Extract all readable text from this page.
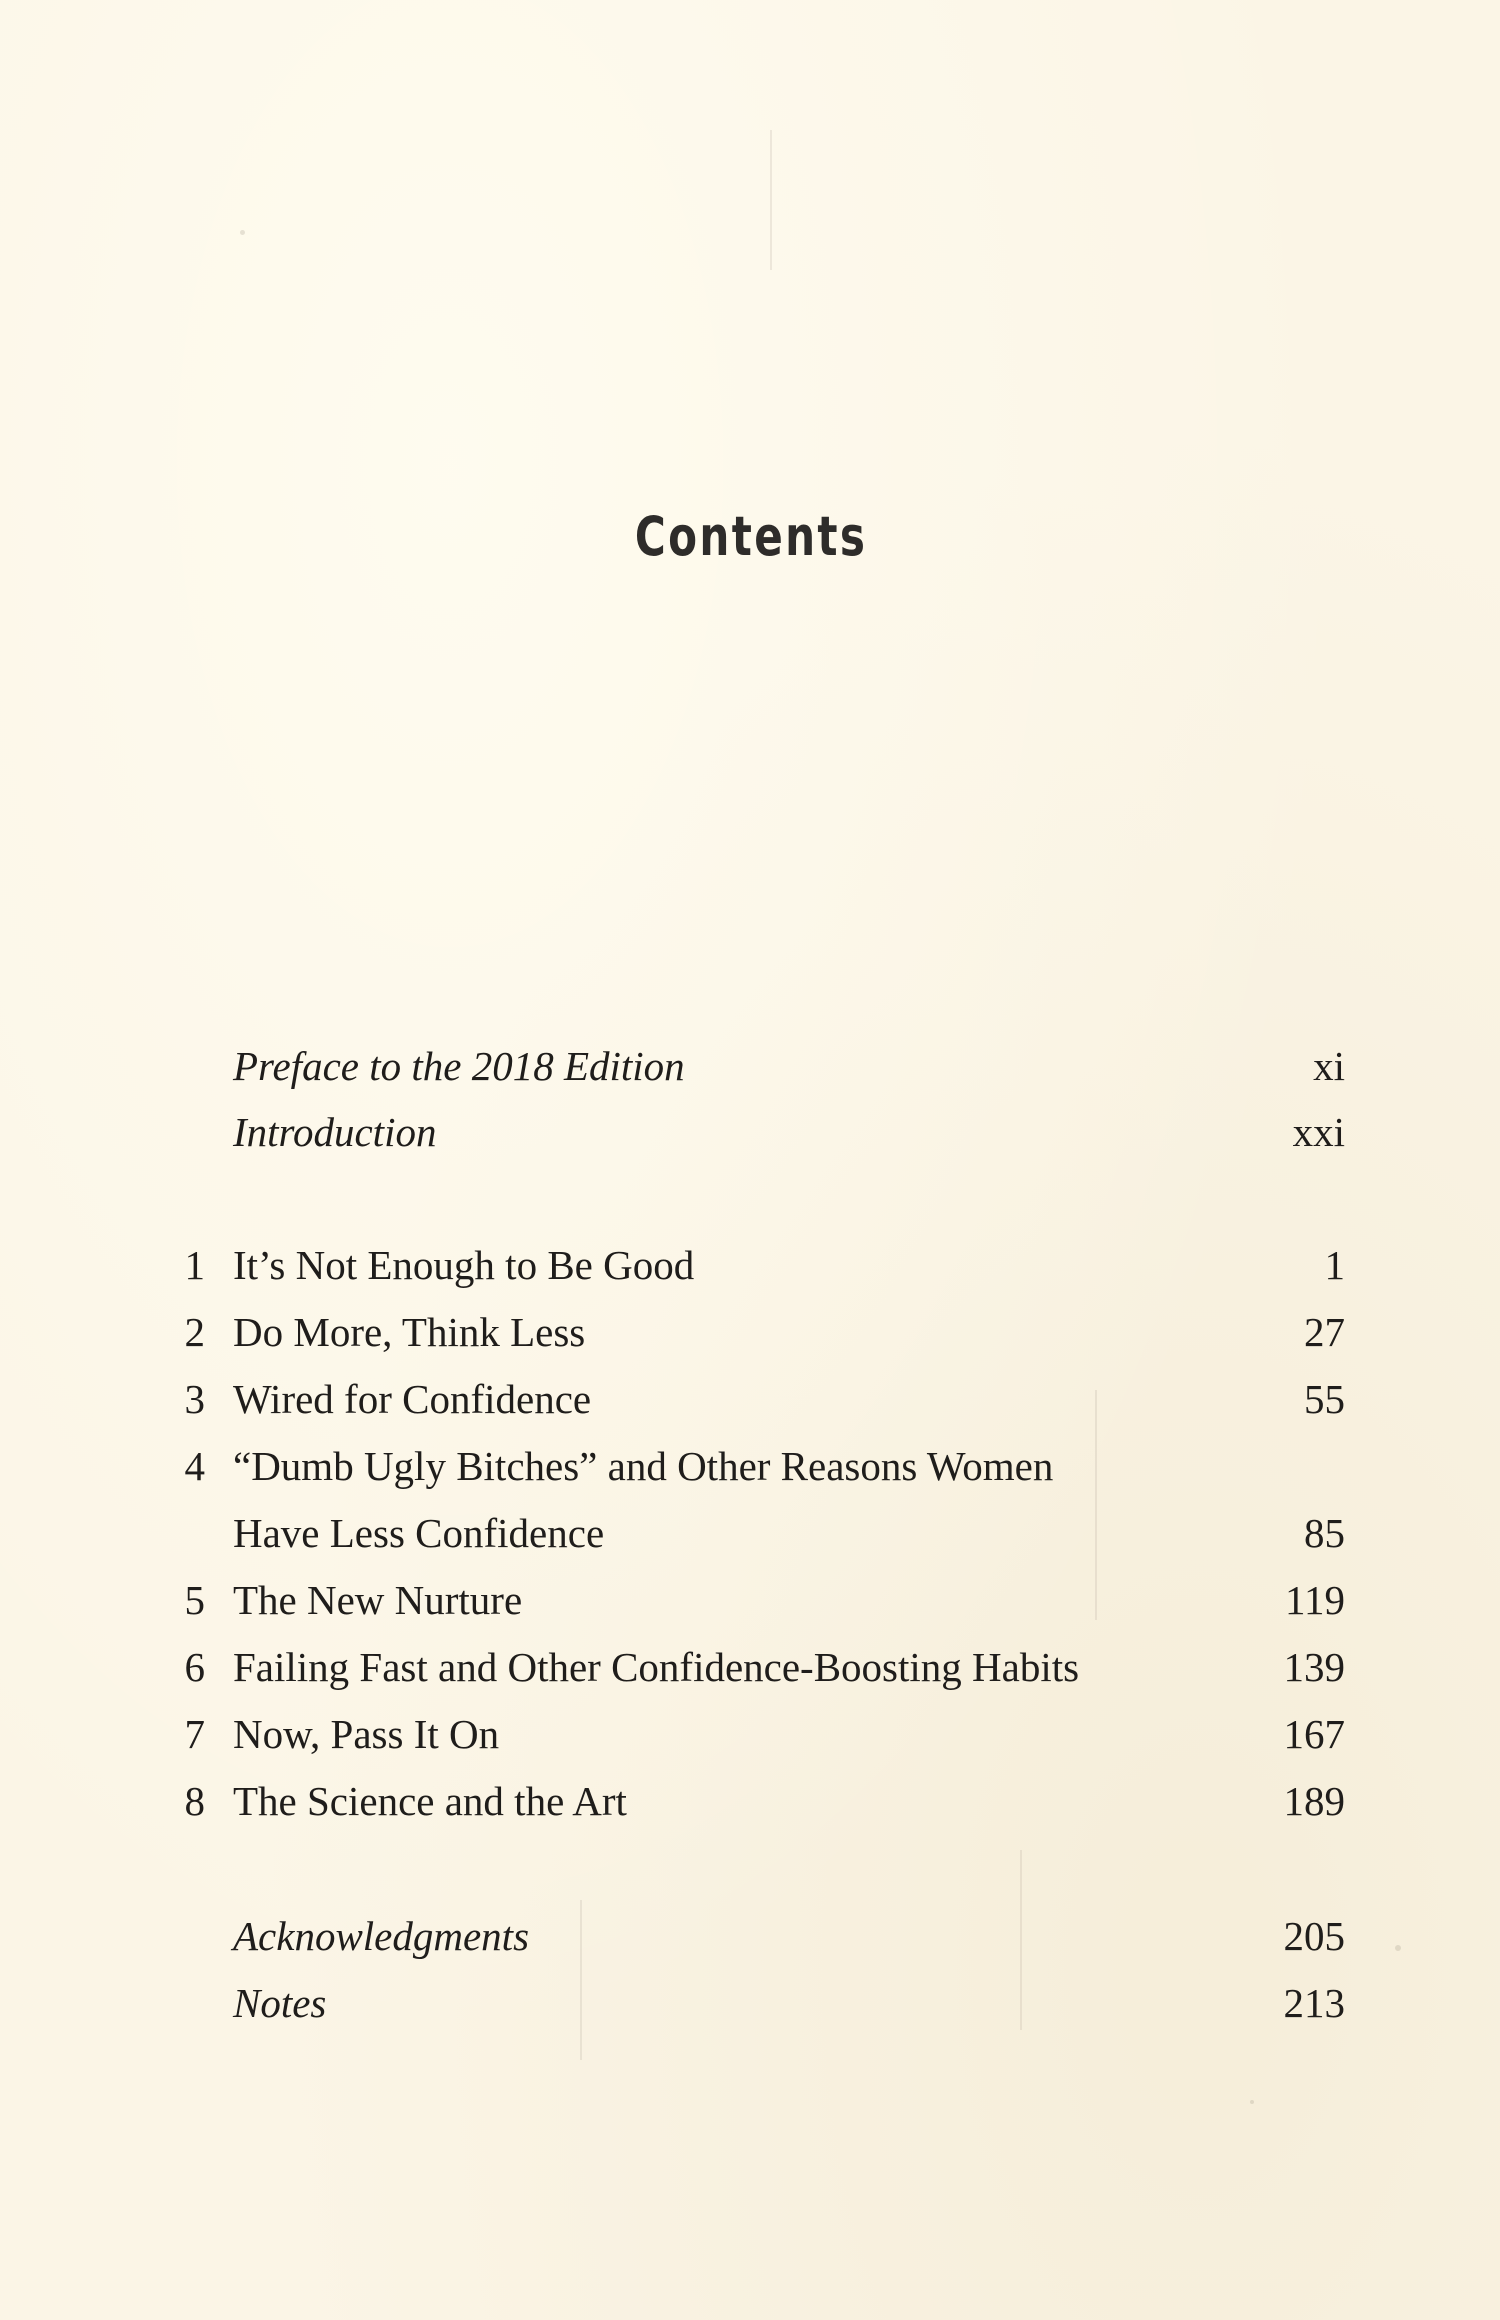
Contents
Preface to the 2018 Edition	xi
Introduction	xxi
1 It’s Not Enough to Be Good	1
2 Do More, Think Less	27
3 Wired for Confidence	55
4 “Dumb Ugly Bitches” and Other Reasons Women
Have Less Confidence	85
5 The New Nurture	119
6 Failing Fast and Other Confidence-Boosting Habits	139
7 Now, Pass It On	167
8 The Science and the Art	189
Acknowledgments	205
Notes	213
